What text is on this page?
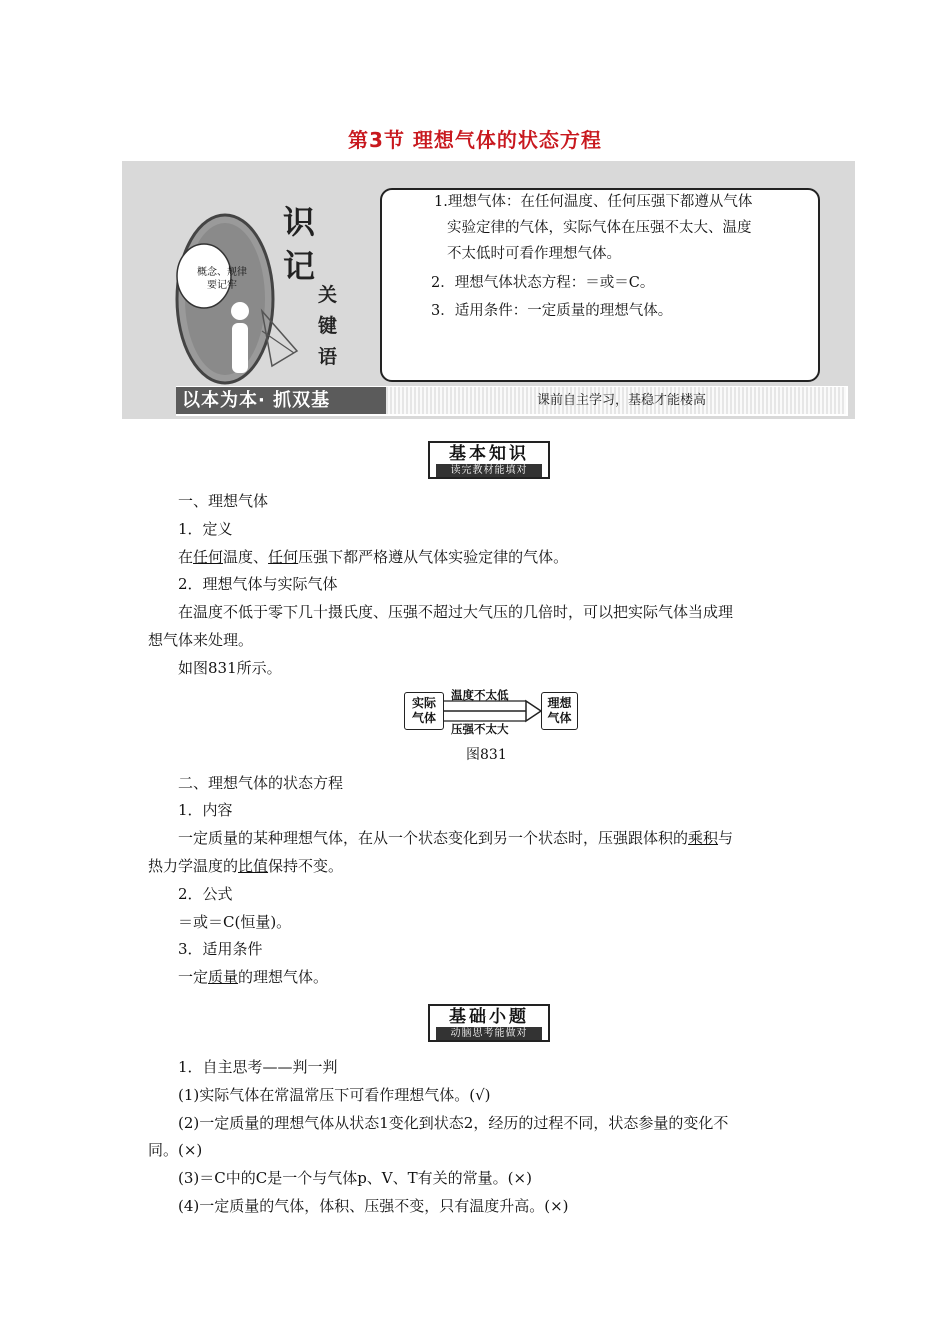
第3节 理想气体的状态方程
概念、规律
要记牢
识
记
关
键
语
1.理想气体：在任何温度、任何压强下都遵从气体
实验定律的气体，实际气体在压强不太大、温度
不太低时可看作理想气体。
2．理想气体状态方程：＝或＝C。
3．适用条件：一定质量的理想气体。
以本为本· 抓双基	课前自主学习，基稳才能楼高
基本知识
读完教材能填对
一、理想气体
1．定义
在任何温度、任何压强下都严格遵从气体实验定律的气体。
2．理想气体与实际气体
在温度不低于零下几十摄氏度、压强不超过大气压的几倍时，可以把实际气体当成理
想气体来处理。
如图831所示。
实际
气体
温度不太低
压强不太大
理想
气体
图831
二、理想气体的状态方程
1．内容
一定质量的某种理想气体，在从一个状态变化到另一个状态时，压强跟体积的乘积与
热力学温度的比值保持不变。
2．公式
＝或＝C(恒量)。
3．适用条件
一定质量的理想气体。
基础小题
动脑思考能做对
1．自主思考——判一判
(1)实际气体在常温常压下可看作理想气体。(√)
(2)一定质量的理想气体从状态1变化到状态2，经历的过程不同，状态参量的变化不
同。(×)
(3)＝C中的C是一个与气体p、V、T有关的常量。(×)
(4)一定质量的气体，体积、压强不变，只有温度升高。(×)
